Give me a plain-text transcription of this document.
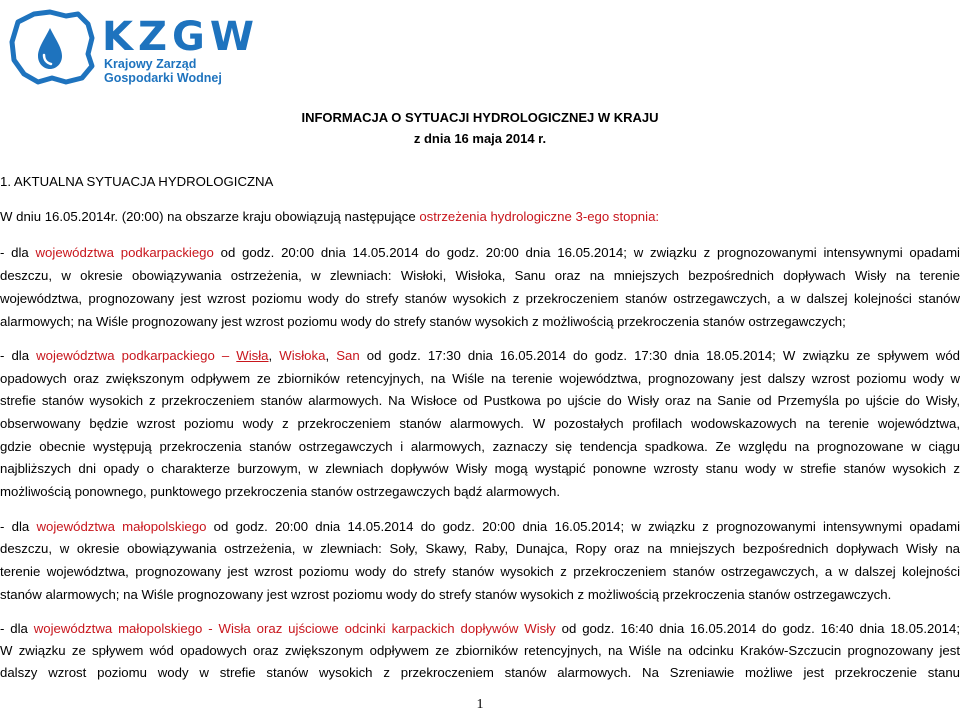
KZGW
Krajowy Zarząd
Gospodarki Wodnej
INFORMACJA O SYTUACJI HYDROLOGICZNEJ W KRAJU
z dnia 16 maja 2014 r.
1. AKTUALNA SYTUACJA HYDROLOGICZNA
W dniu 16.05.2014r. (20:00) na obszarze kraju obowiązują następujące ostrzeżenia hydrologiczne 3-ego stopnia:
- dla województwa podkarpackiego od godz. 20:00 dnia 14.05.2014 do godz. 20:00 dnia 16.05.2014; w związku z prognozowanymi intensywnymi opadami
deszczu, w okresie obowiązywania ostrzeżenia, w zlewniach: Wisłoki, Wisłoka, Sanu oraz na mniejszych bezpośrednich dopływach Wisły na terenie
województwa, prognozowany jest wzrost poziomu wody do strefy stanów wysokich z przekroczeniem stanów ostrzegawczych, a w dalszej kolejności stanów
alarmowych; na Wiśle prognozowany jest wzrost poziomu wody do strefy stanów wysokich z możliwością przekroczenia stanów ostrzegawczych;
- dla województwa podkarpackiego – Wisła, Wisłoka, San od godz. 17:30 dnia 16.05.2014 do godz. 17:30 dnia 18.05.2014; W związku ze spływem wód
opadowych oraz zwiększonym odpływem ze zbiorników retencyjnych, na Wiśle na terenie województwa, prognozowany jest dalszy wzrost poziomu wody w
strefie stanów wysokich z przekroczeniem stanów alarmowych. Na Wisłoce od Pustkowa po ujście do Wisły oraz na Sanie od Przemyśla po ujście do Wisły,
obserwowany będzie wzrost poziomu wody z przekroczeniem stanów alarmowych. W pozostałych profilach wodowskazowych na terenie województwa,
gdzie obecnie występują przekroczenia stanów ostrzegawczych i alarmowych, zaznaczy się tendencja spadkowa. Ze względu na prognozowane w ciągu
najbliższych dni opady o charakterze burzowym, w zlewniach dopływów Wisły mogą wystąpić ponowne wzrosty stanu wody w strefie stanów wysokich z
możliwością ponownego, punktowego przekroczenia stanów ostrzegawczych bądź alarmowych.
- dla województwa małopolskiego od godz. 20:00 dnia 14.05.2014 do godz. 20:00 dnia 16.05.2014; w związku z prognozowanymi intensywnymi opadami
deszczu, w okresie obowiązywania ostrzeżenia, w zlewniach: Soły, Skawy, Raby, Dunajca, Ropy oraz na mniejszych bezpośrednich dopływach Wisły na
terenie województwa, prognozowany jest wzrost poziomu wody do strefy stanów wysokich z przekroczeniem stanów ostrzegawczych, a w dalszej kolejności
stanów alarmowych; na Wiśle prognozowany jest wzrost poziomu wody do strefy stanów wysokich z możliwością przekroczenia stanów ostrzegawczych.
- dla województwa małopolskiego - Wisła oraz ujściowe odcinki karpackich dopływów Wisły od godz. 16:40 dnia 16.05.2014 do godz. 16:40 dnia 18.05.2014;
W związku ze spływem wód opadowych oraz zwiększonym odpływem ze zbiorników retencyjnych, na Wiśle na odcinku Kraków-Szczucin prognozowany jest
dalszy wzrost poziomu wody w strefie stanów wysokich z przekroczeniem stanów alarmowych. Na Szreniawie możliwe jest przekroczenie stanu
1
